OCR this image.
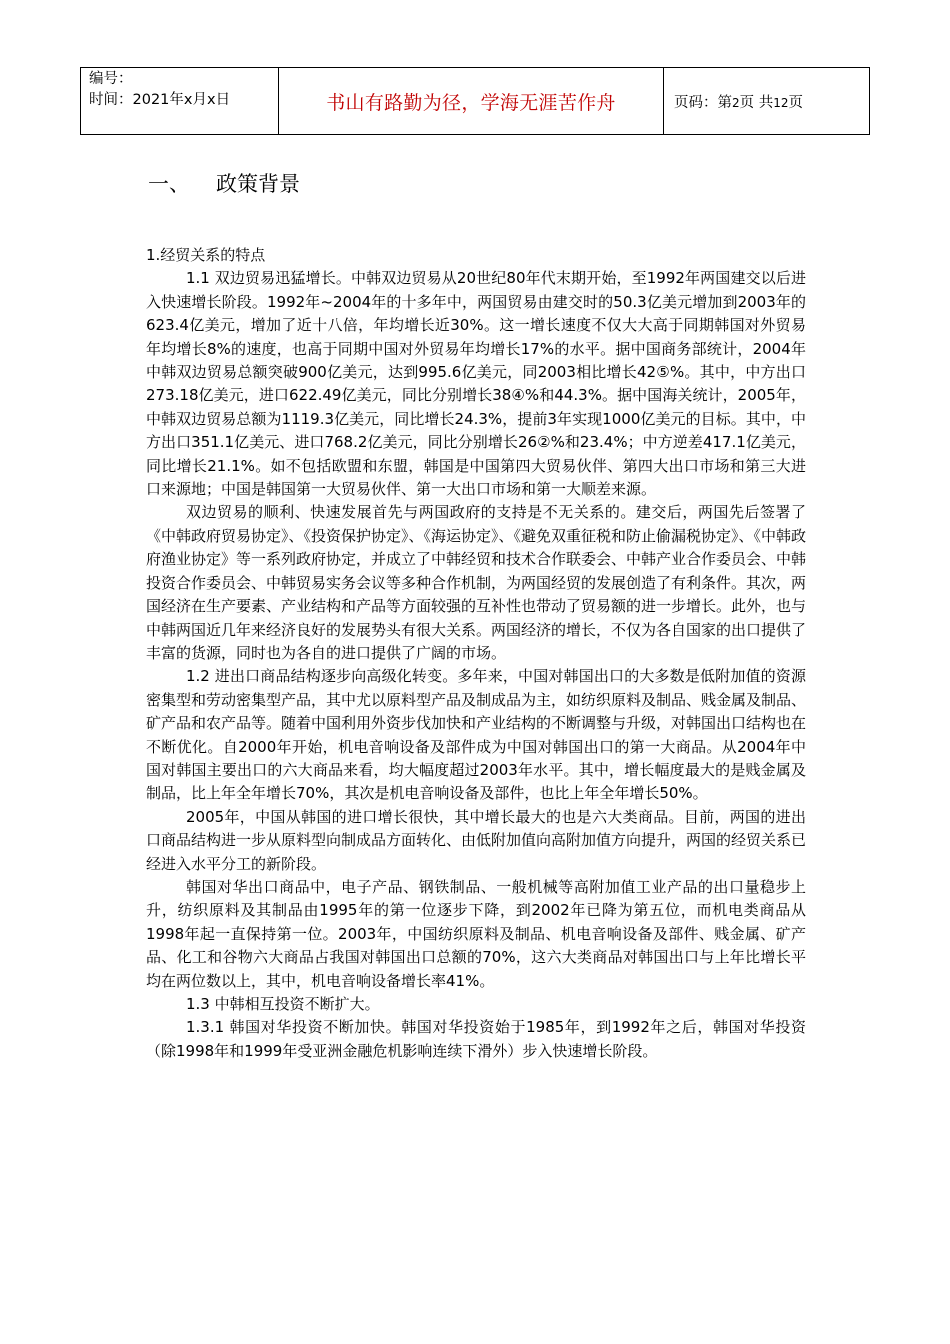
编号：
时间：2021年x月x日	书山有路勤为径，学海无涯苦作舟	页码：第2页 共12页
一、 政策背景

1.经贸关系的特点

1.1 双边贸易迅猛增长。中韩双边贸易从20世纪80年代末期开始，至1992年两国建交以后进入快速增长阶段。1992年~2004年的十多年中，两国贸易由建交时的50.3亿美元增加到2003年的623.4亿美元，增加了近十八倍，年均增长近30%。这一增长速度不仅大大高于同期韩国对外贸易年均增长8%的速度，也高于同期中国对外贸易年均增长17%的水平。据中国商务部统计，2004年中韩双边贸易总额突破900亿美元，达到995.6亿美元，同2003相比增长42⑤%。其中，中方出口273.18亿美元，进口622.49亿美元，同比分别增长38④%和44.3%。据中国海关统计，2005年，中韩双边贸易总额为1119.3亿美元，同比增长24.3%，提前3年实现1000亿美元的目标。其中，中方出口351.1亿美元、进口768.2亿美元，同比分别增长26②%和23.4%；中方逆差417.1亿美元，同比增长21.1%。如不包括欧盟和东盟，韩国是中国第四大贸易伙伴、第四大出口市场和第三大进口来源地；中国是韩国第一大贸易伙伴、第一大出口市场和第一大顺差来源。

双边贸易的顺利、快速发展首先与两国政府的支持是不无关系的。建交后，两国先后签署了《中韩政府贸易协定》、《投资保护协定》、《海运协定》、《避免双重征税和防止偷漏税协定》、《中韩政府渔业协定》等一系列政府协定，并成立了中韩经贸和技术合作联委会、中韩产业合作委员会、中韩投资合作委员会、中韩贸易实务会议等多种合作机制，为两国经贸的发展创造了有利条件。其次，两国经济在生产要素、产业结构和产品等方面较强的互补性也带动了贸易额的进一步增长。此外，也与中韩两国近几年来经济良好的发展势头有很大关系。两国经济的增长，不仅为各自国家的出口提供了丰富的货源，同时也为各自的进口提供了广阔的市场。

1.2 进出口商品结构逐步向高级化转变。多年来，中国对韩国出口的大多数是低附加值的资源密集型和劳动密集型产品，其中尤以原料型产品及制成品为主，如纺织原料及制品、贱金属及制品、矿产品和农产品等。随着中国利用外资步伐加快和产业结构的不断调整与升级，对韩国出口结构也在不断优化。自2000年开始，机电音响设备及部件成为中国对韩国出口的第一大商品。从2004年中国对韩国主要出口的六大商品来看，均大幅度超过2003年水平。其中，增长幅度最大的是贱金属及制品，比上年全年增长70%，其次是机电音响设备及部件，也比上年全年增长50%。

2005年，中国从韩国的进口增长很快，其中增长最大的也是六大类商品。目前，两国的进出口商品结构进一步从原料型向制成品方面转化、由低附加值向高附加值方向提升，两国的经贸关系已经进入水平分工的新阶段。

韩国对华出口商品中，电子产品、钢铁制品、一般机械等高附加值工业产品的出口量稳步上升，纺织原料及其制品由1995年的第一位逐步下降，到2002年已降为第五位，而机电类商品从1998年起一直保持第一位。2003年，中国纺织原料及制品、机电音响设备及部件、贱金属、矿产品、化工和谷物六大商品占我国对韩国出口总额的70%，这六大类商品对韩国出口与上年比增长平均在两位数以上，其中，机电音响设备增长率41%。

1.3 中韩相互投资不断扩大。

1.3.1 韩国对华投资不断加快。韩国对华投资始于1985年，到1992年之后，韩国对华投资（除1998年和1999年受亚洲金融危机影响连续下滑外）步入快速增长阶段。
